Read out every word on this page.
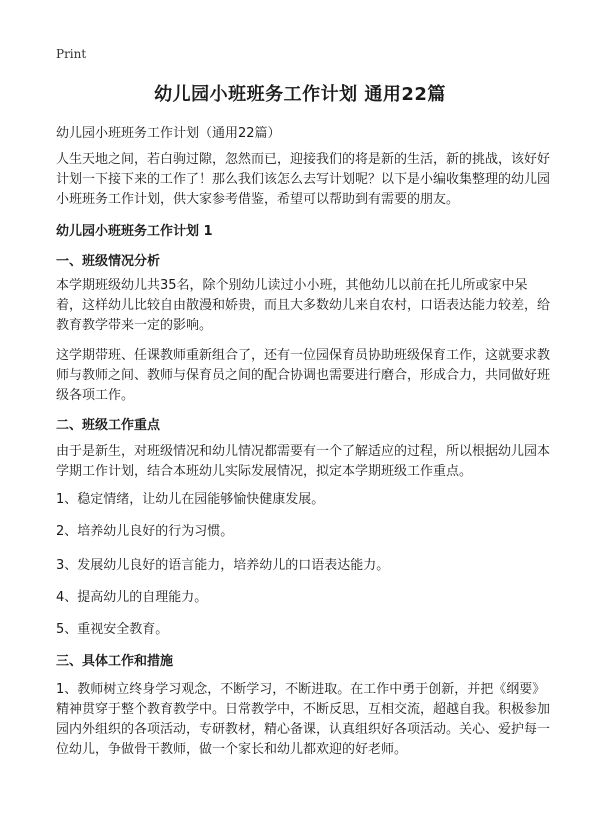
Print

幼儿园小班班务工作计划 通用22篇

幼儿园小班班务工作计划（通用22篇）

人生天地之间，若白驹过隙，忽然而已，迎接我们的将是新的生活，新的挑战，该好好计划一下接下来的工作了！那么我们该怎么去写计划呢？以下是小编收集整理的幼儿园小班班务工作计划，供大家参考借鉴，希望可以帮助到有需要的朋友。

幼儿园小班班务工作计划 1

一、班级情况分析

本学期班级幼儿共35名，除个别幼儿读过小小班，其他幼儿以前在托儿所或家中呆着，这样幼儿比较自由散漫和娇贵，而且大多数幼儿来自农村，口语表达能力较差，给教育教学带来一定的影响。

这学期带班、任课教师重新组合了，还有一位园保育员协助班级保育工作，这就要求教师与教师之间、教师与保育员之间的配合协调也需要进行磨合，形成合力，共同做好班级各项工作。

二、班级工作重点

由于是新生，对班级情况和幼儿情况都需要有一个了解适应的过程，所以根据幼儿园本学期工作计划，结合本班幼儿实际发展情况，拟定本学期班级工作重点。

1、稳定情绪，让幼儿在园能够愉快健康发展。

2、培养幼儿良好的行为习惯。

3、发展幼儿良好的语言能力，培养幼儿的口语表达能力。

4、提高幼儿的自理能力。

5、重视安全教育。

三、具体工作和措施

1、教师树立终身学习观念，不断学习，不断进取。在工作中勇于创新，并把《纲要》精神贯穿于整个教育教学中。日常教学中，不断反思，互相交流，超越自我。积极参加园内外组织的各项活动，专研教材，精心备课，认真组织好各项活动。关心、爱护每一位幼儿，争做骨干教师，做一个家长和幼儿都欢迎的好老师。
